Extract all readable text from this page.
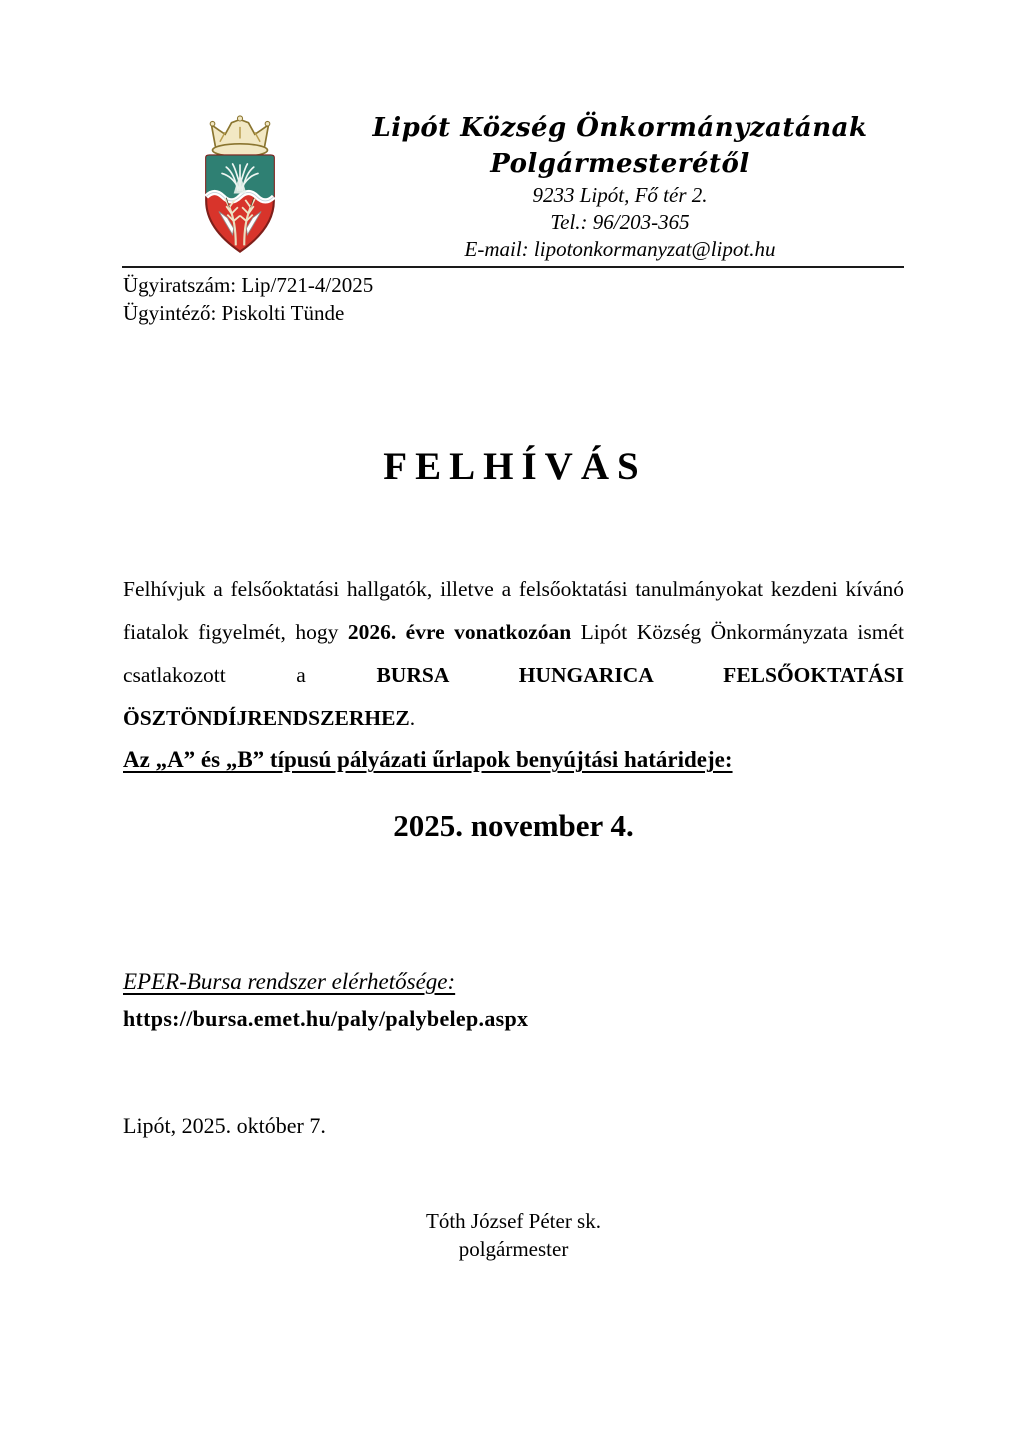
Lipót Község Önkormányzatának
Polgármesterétől
9233 Lipót, Fő tér 2.
Tel.: 96/203-365
E-mail: lipotonkormanyzat@lipot.hu
Ügyiratszám: Lip/721-4/2025
Ügyintéző: Piskolti Tünde
FELHÍVÁS

Felhívjuk a felsőoktatási hallgatók, illetve a felsőoktatási tanulmányokat kezdeni kívánó fiatalok figyelmét, hogy 2026. évre vonatkozóan Lipót Község Önkormányzata ismét csatlakozott a BURSA HUNGARICA FELSŐOKTATÁSI ÖSZTÖNDÍJRENDSZERHEZ.

Az „A” és „B” típusú pályázati űrlapok benyújtási határideje:
2025. november 4.
EPER-Bursa rendszer elérhetősége:
https://bursa.emet.hu/paly/palybelep.aspx
Lipót, 2025. október 7.
Tóth József Péter sk.
polgármester
